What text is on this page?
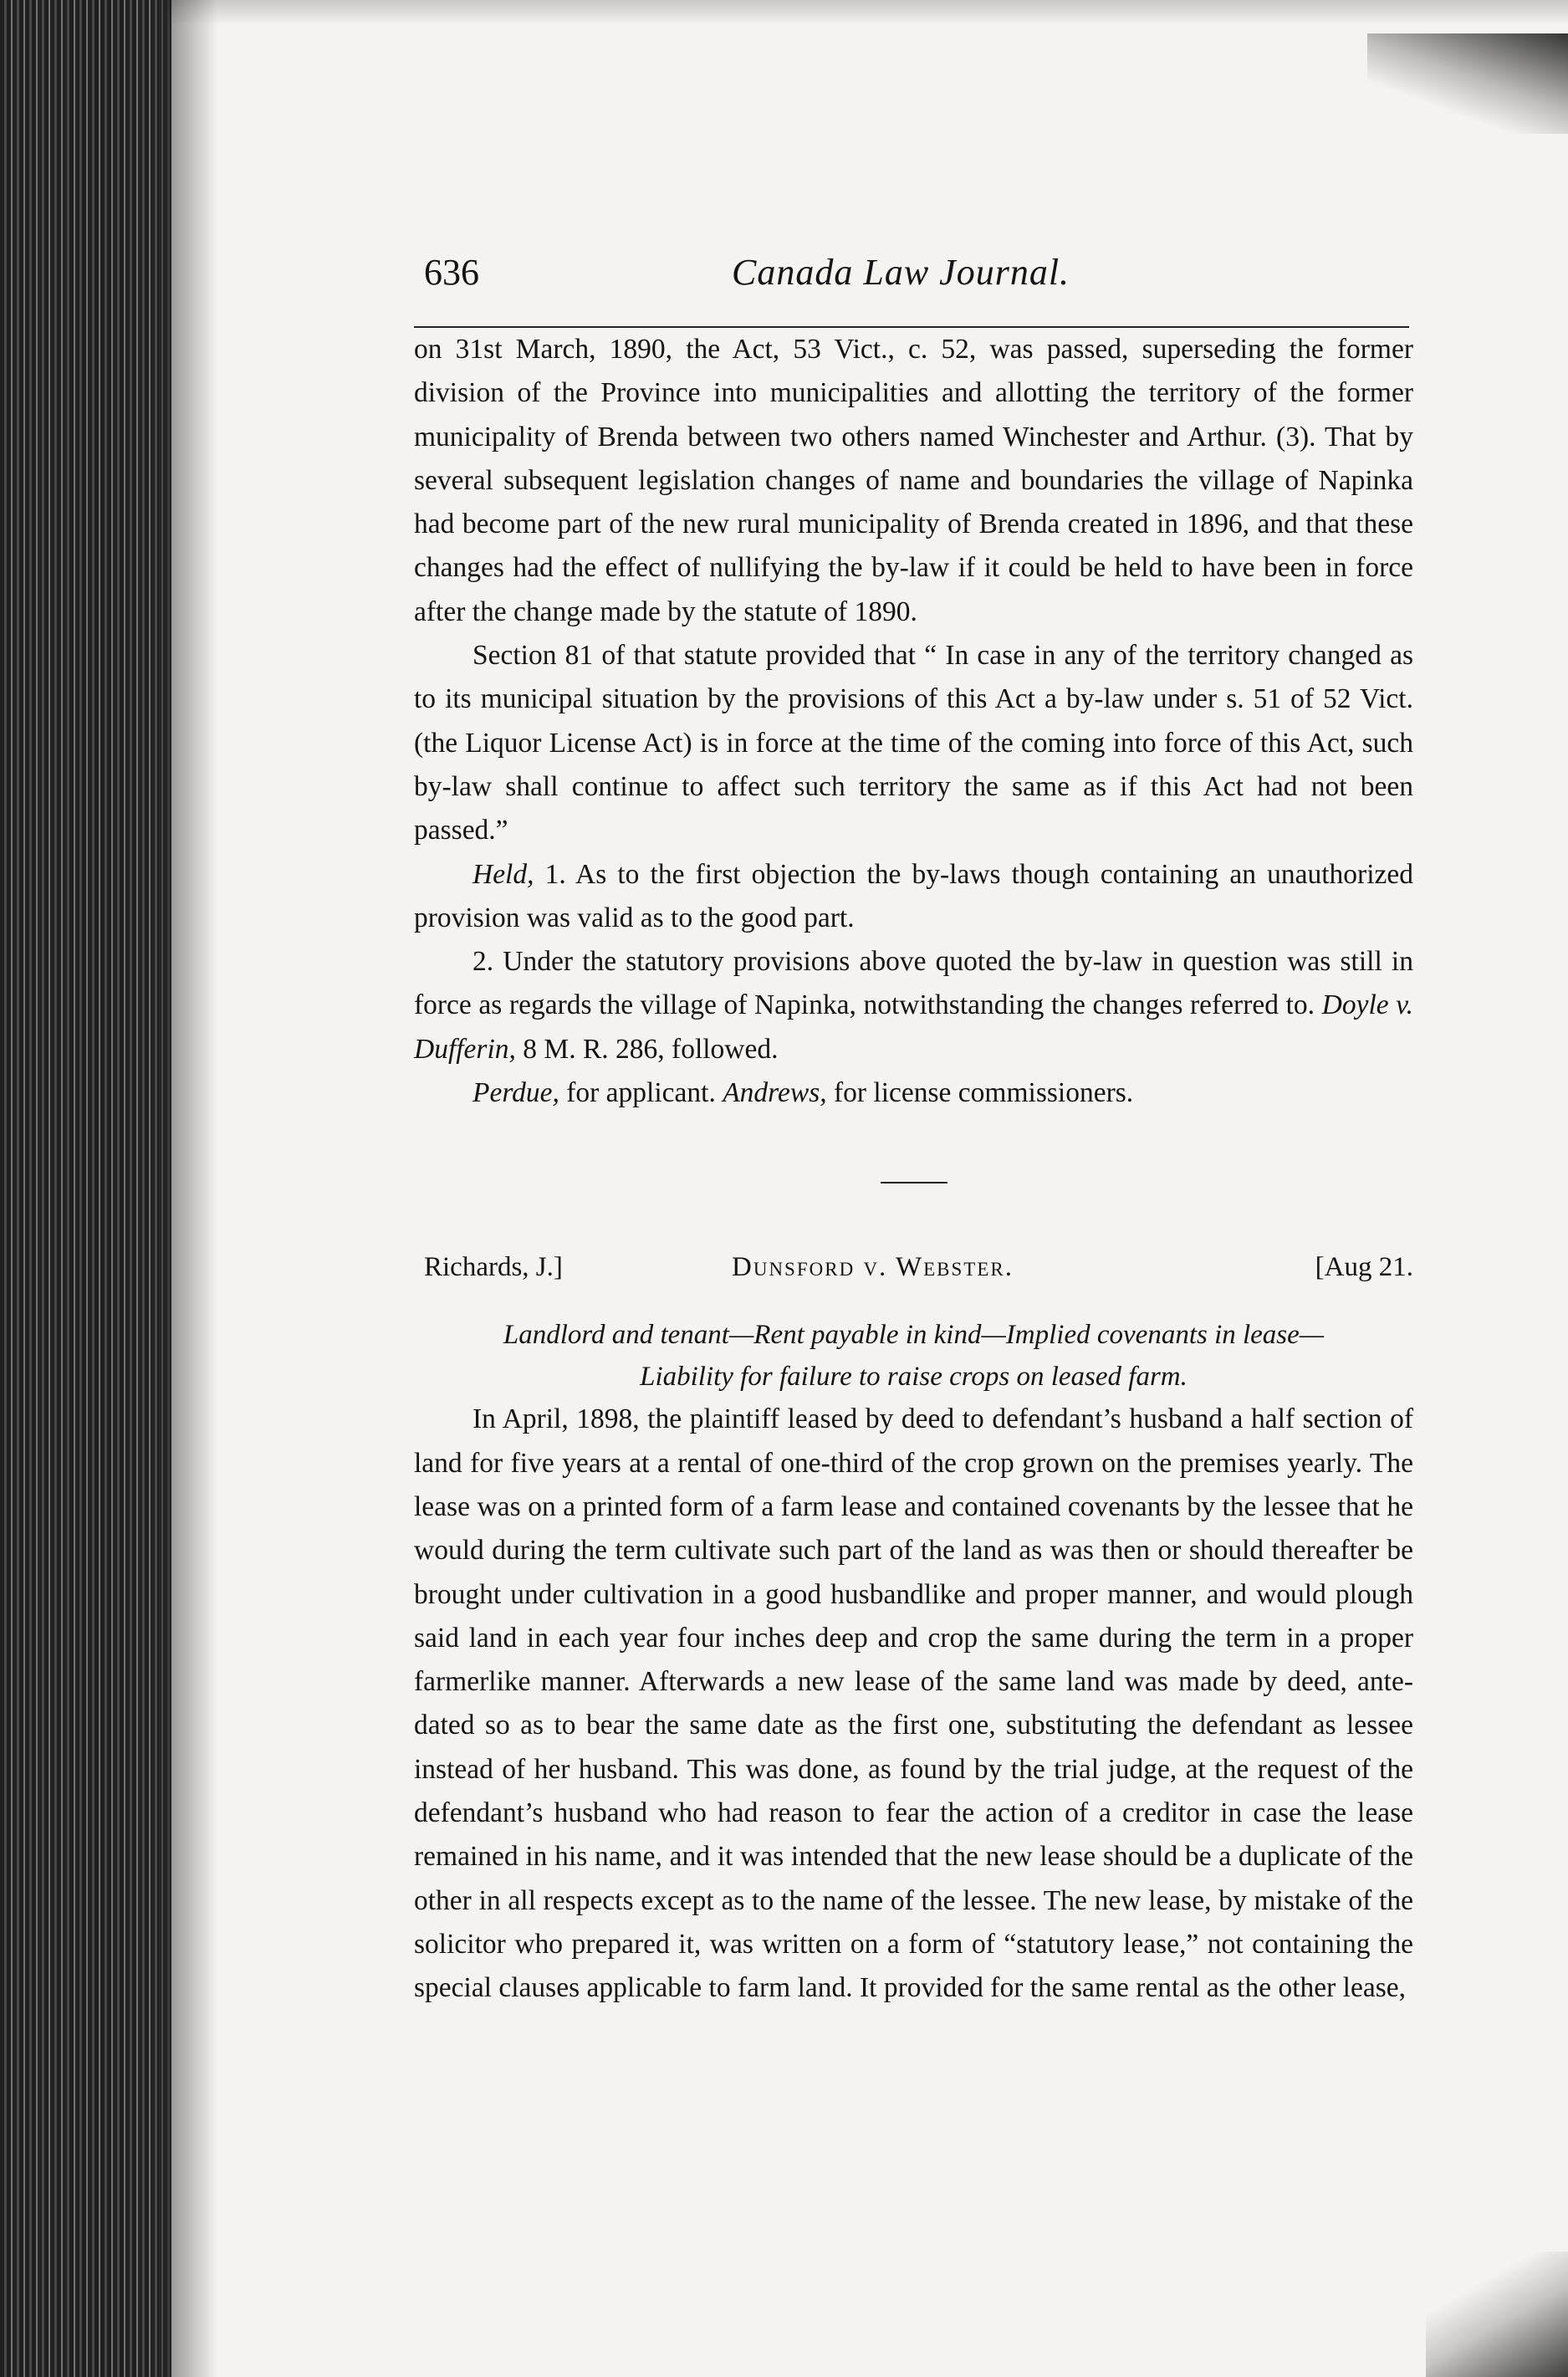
636	Canada Law Journal.

on 31st March, 1890, the Act, 53 Vict., c. 52, was passed, superseding the former division of the Province into municipalities and allotting the territory of the former municipality of Brenda between two others named Winchester and Arthur. (3). That by several subsequent legislation changes of name and boundaries the village of Napinka had become part of the new rural municipality of Brenda created in 1896, and that these changes had the effect of nullifying the by-law if it could be held to have been in force after the change made by the statute of 1890.

Section 81 of that statute provided that “ In case in any of the territory changed as to its municipal situation by the provisions of this Act a by-law under s. 51 of 52 Vict. (the Liquor License Act) is in force at the time of the coming into force of this Act, such by-law shall continue to affect such territory the same as if this Act had not been passed.”

Held, 1. As to the first objection the by-laws though containing an unauthorized provision was valid as to the good part.

2. Under the statutory provisions above quoted the by-law in question was still in force as regards the village of Napinka, notwithstanding the changes referred to. Doyle v. Dufferin, 8 M. R. 286, followed.

Perdue, for applicant. Andrews, for license commissioners.

Richards, J.]	Dunsford v. Webster.	[Aug 21.
Landlord and tenant—Rent payable in kind—Implied covenants in lease—
Liability for failure to raise crops on leased farm.

In April, 1898, the plaintiff leased by deed to defendant’s husband a half section of land for five years at a rental of one-third of the crop grown on the premises yearly. The lease was on a printed form of a farm lease and contained covenants by the lessee that he would during the term cultivate such part of the land as was then or should thereafter be brought under cultivation in a good husbandlike and proper manner, and would plough said land in each year four inches deep and crop the same during the term in a proper farmerlike manner. Afterwards a new lease of the same land was made by deed, ante-dated so as to bear the same date as the first one, substituting the defendant as lessee instead of her husband. This was done, as found by the trial judge, at the request of the defendant’s husband who had reason to fear the action of a creditor in case the lease remained in his name, and it was intended that the new lease should be a duplicate of the other in all respects except as to the name of the lessee. The new lease, by mistake of the solicitor who prepared it, was written on a form of “statutory lease,” not containing the special clauses applicable to farm land. It provided for the same rental as the other lease,
